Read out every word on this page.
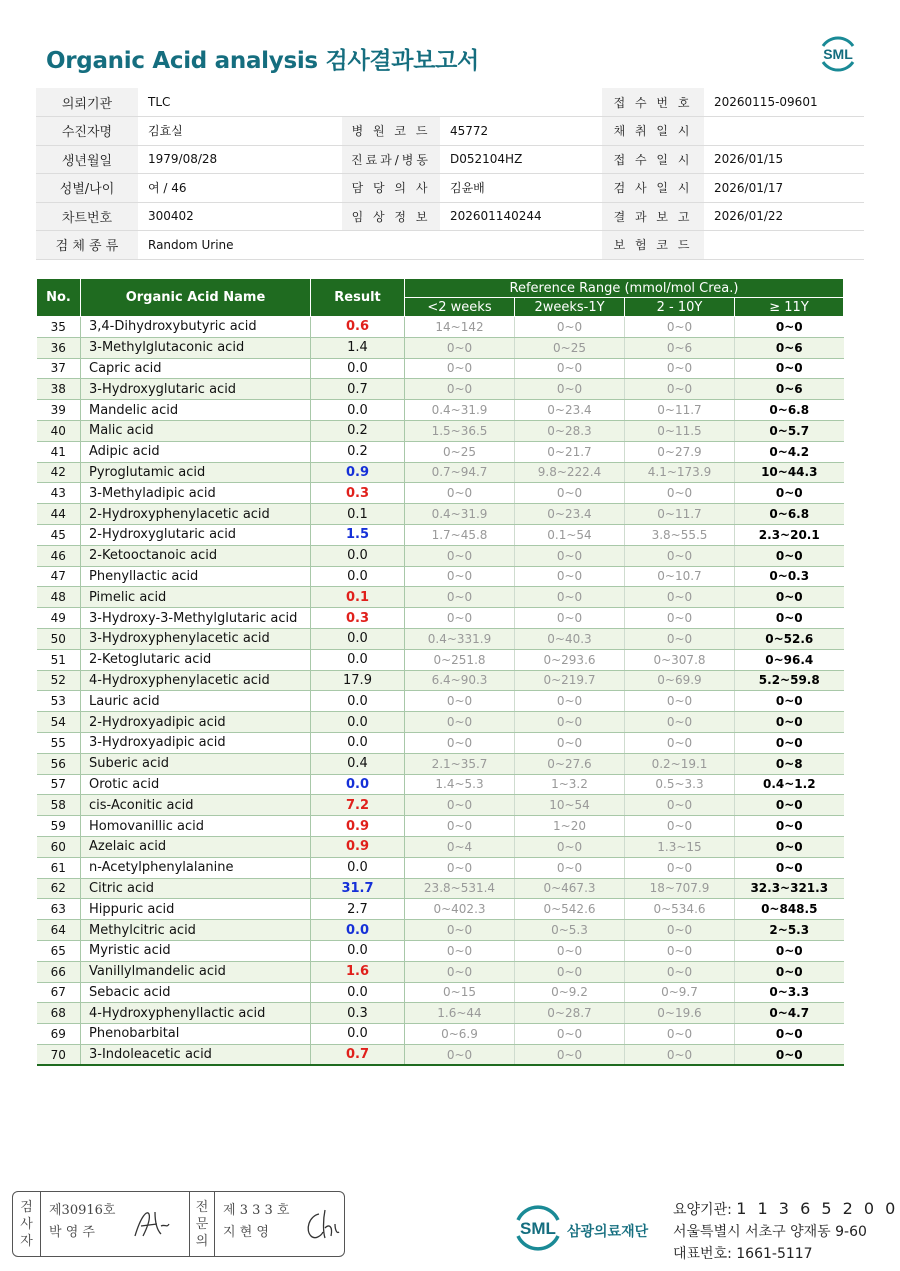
Organic Acid analysis 검사결과보고서	SML
의뢰기관	TLC			접 수 번 호	20260115-09601
수진자명	김효실	병 원 코 드	45772	채 취 일 시	
생년월일	1979/08/28	진료과/병동	D052104HZ	접 수 일 시	2026/01/15
성별/나이	여 / 46	담 당 의 사	김윤배	검 사 일 시	2026/01/17
차트번호	300402	임 상 정 보	202601140244	결 과 보 고	2026/01/22
검 체 종 류	Random Urine			보 험 코 드	
No.	Organic Acid Name	Result	Reference Range (mmol/mol Crea.)			
			<2 weeks	2weeks-1Y	2 - 10Y	≥ 11Y
35	3,4-Dihydroxybutyric acid	0.6	14~142	0~0	0~0	0~0
36	3-Methylglutaconic acid	1.4	0~0	0~25	0~6	0~6
37	Capric acid	0.0	0~0	0~0	0~0	0~0
38	3-Hydroxyglutaric acid	0.7	0~0	0~0	0~0	0~6
39	Mandelic acid	0.0	0.4~31.9	0~23.4	0~11.7	0~6.8
40	Malic acid	0.2	1.5~36.5	0~28.3	0~11.5	0~5.7
41	Adipic acid	0.2	0~25	0~21.7	0~27.9	0~4.2
42	Pyroglutamic acid	0.9	0.7~94.7	9.8~222.4	4.1~173.9	10~44.3
43	3-Methyladipic acid	0.3	0~0	0~0	0~0	0~0
44	2-Hydroxyphenylacetic acid	0.1	0.4~31.9	0~23.4	0~11.7	0~6.8
45	2-Hydroxyglutaric acid	1.5	1.7~45.8	0.1~54	3.8~55.5	2.3~20.1
46	2-Ketooctanoic acid	0.0	0~0	0~0	0~0	0~0
47	Phenyllactic acid	0.0	0~0	0~0	0~10.7	0~0.3
48	Pimelic acid	0.1	0~0	0~0	0~0	0~0
49	3-Hydroxy-3-Methylglutaric acid	0.3	0~0	0~0	0~0	0~0
50	3-Hydroxyphenylacetic acid	0.0	0.4~331.9	0~40.3	0~0	0~52.6
51	2-Ketoglutaric acid	0.0	0~251.8	0~293.6	0~307.8	0~96.4
52	4-Hydroxyphenylacetic acid	17.9	6.4~90.3	0~219.7	0~69.9	5.2~59.8
53	Lauric acid	0.0	0~0	0~0	0~0	0~0
54	2-Hydroxyadipic acid	0.0	0~0	0~0	0~0	0~0
55	3-Hydroxyadipic acid	0.0	0~0	0~0	0~0	0~0
56	Suberic acid	0.4	2.1~35.7	0~27.6	0.2~19.1	0~8
57	Orotic acid	0.0	1.4~5.3	1~3.2	0.5~3.3	0.4~1.2
58	cis-Aconitic acid	7.2	0~0	10~54	0~0	0~0
59	Homovanillic acid	0.9	0~0	1~20	0~0	0~0
60	Azelaic acid	0.9	0~4	0~0	1.3~15	0~0
61	n-Acetylphenylalanine	0.0	0~0	0~0	0~0	0~0
62	Citric acid	31.7	23.8~531.4	0~467.3	18~707.9	32.3~321.3
63	Hippuric acid	2.7	0~402.3	0~542.6	0~534.6	0~848.5
64	Methylcitric acid	0.0	0~0	0~5.3	0~0	2~5.3
65	Myristic acid	0.0	0~0	0~0	0~0	0~0
66	Vanillylmandelic acid	1.6	0~0	0~0	0~0	0~0
67	Sebacic acid	0.0	0~15	0~9.2	0~9.7	0~3.3
68	4-Hydroxyphenyllactic acid	0.3	1.6~44	0~28.7	0~19.6	0~4.7
69	Phenobarbital	0.0	0~6.9	0~0	0~0	0~0
70	3-Indoleacetic acid	0.7	0~0	0~0	0~0	0~0
검
사
자
제30916호
박 영 주
전
문
의
제 3 3 3 호
지 현 영	SML 삼광의료재단
요양기관: 1 1 3 6 5 2 0 0
서울특별시 서초구 양재동 9-60
대표번호: 1661-5117
